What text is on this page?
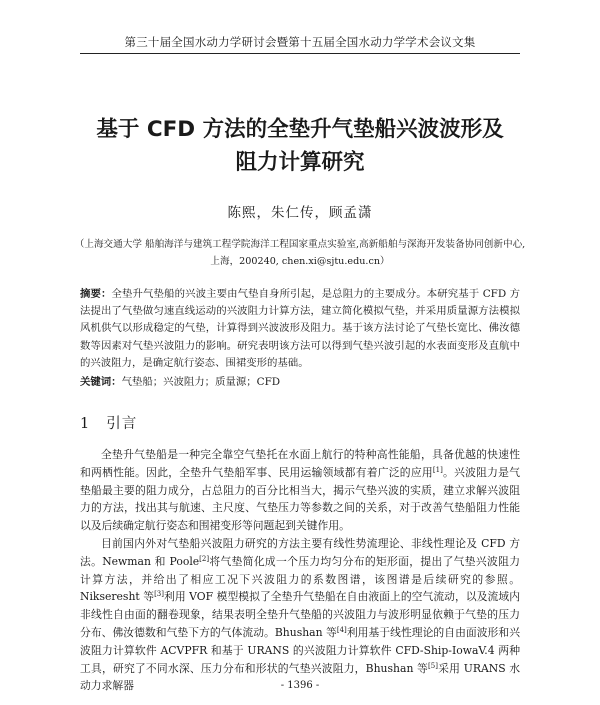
第三十届全国水动力学研讨会暨第十五届全国水动力学学术会议文集
基于 CFD 方法的全垫升气垫船兴波波形及
阻力计算研究
陈熙，朱仁传，顾孟潇
（上海交通大学 船舶海洋与建筑工程学院海洋工程国家重点实验室,高新船舶与深海开发装备协同创新中心,
上海，200240, chen.xi@sjtu.edu.cn）
摘要：全垫升气垫船的兴波主要由气垫自身所引起，是总阻力的主要成分。本研究基于 CFD 方法提出了气垫做匀速直线运动的兴波阻力计算方法，建立简化模拟气垫，并采用质量源方法模拟风机供气以形成稳定的气垫，计算得到兴波波形及阻力。基于该方法讨论了气垫长宽比、佛汝德数等因素对气垫兴波阻力的影响。研究表明该方法可以得到气垫兴波引起的水表面变形及直航中的兴波阻力，是确定航行姿态、围裙变形的基础。
关键词：气垫船；兴波阻力；质量源；CFD
1 引言

全垫升气垫船是一种完全靠空气垫托在水面上航行的特种高性能船，具备优越的快速性和两栖性能。因此，全垫升气垫船军事、民用运输领域都有着广泛的应用[1]。兴波阻力是气垫船最主要的阻力成分，占总阻力的百分比相当大，揭示气垫兴波的实质，建立求解兴波阻力的方法，找出其与航速、主尺度、气垫压力等参数之间的关系，对于改善气垫船阻力性能以及后续确定航行姿态和围裙变形等问题起到关键作用。

目前国内外对气垫船兴波阻力研究的方法主要有线性势流理论、非线性理论及 CFD 方法。Newman 和 Poole[2]将气垫简化成一个压力均匀分布的矩形面，提出了气垫兴波阻力计算方法，并给出了相应工况下兴波阻力的系数图谱，该图谱是后续研究的参照。Nikseresht 等[3]利用 VOF 模型模拟了全垫升气垫船在自由液面上的空气流动，以及流域内非线性自由面的翻卷现象，结果表明全垫升气垫船的兴波阻力与波形明显依赖于气垫的压力分布、佛汝德数和气垫下方的气体流动。Bhushan 等[4]利用基于线性理论的自由面波形和兴波阻力计算软件 ACVPFR 和基于 URANS 的兴波阻力计算软件 CFD-Ship-IowaV.4 两种工具，研究了不同水深、压力分布和形状的气垫兴波阻力，Bhushan 等[5]采用 URANS 水动力求解器	- 1396 -
